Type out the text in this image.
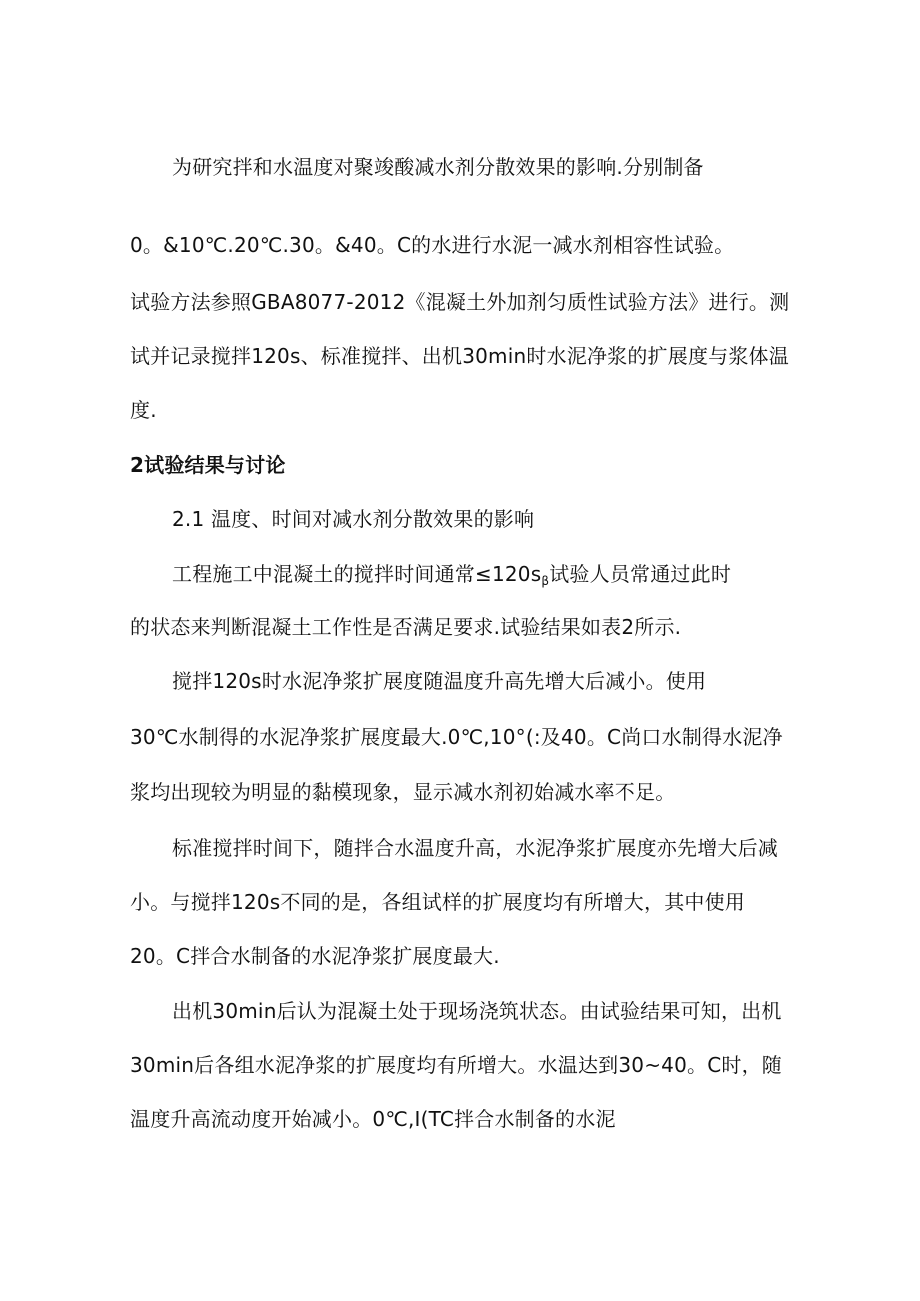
为研究拌和水温度对聚竣酸减水剂分散效果的影响.分别制备

0。&10℃.20℃.30。&40。C的水进行水泥一减水剂相容性试验。

试验方法参照GBA8077-2012《混凝土外加剂匀质性试验方法》进行。测

试并记录搅拌120s、标准搅拌、出机30min时水泥净浆的扩展度与浆体温

度.

2试验结果与讨论
2.1 温度、时间对减水剂分散效果的影响

工程施工中混凝土的搅拌时间通常$\le 120s_\beta$试验人员常通过此时

的状态来判断混凝土工作性是否满足要求.试验结果如表2所示.

搅拌120s时水泥净浆扩展度随温度升高先增大后减小。使用

30℃水制得的水泥净浆扩展度最大.0℃,10°(:及40。C尚口水制得水泥净

浆均出现较为明显的黏模现象，显示减水剂初始减水率不足。

标准搅拌时间下，随拌合水温度升高，水泥净浆扩展度亦先增大后减

小。与搅拌120s不同的是，各组试样的扩展度均有所增大，其中使用

20。C拌合水制备的水泥净浆扩展度最大.

出机30min后认为混凝土处于现场浇筑状态。由试验结果可知，出机

30min后各组水泥净浆的扩展度均有所增大。水温达到30~40。C时，随

温度升高流动度开始减小。0℃,I(TC拌合水制备的水泥
